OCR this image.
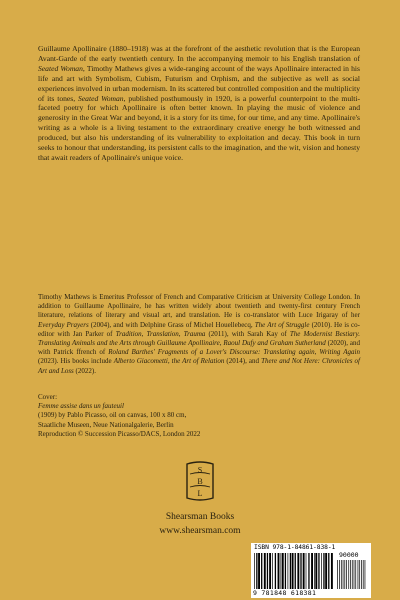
Guillaume Apollinaire (1880–1918) was at the forefront of the aesthetic revolution that is the European Avant-Garde of the early twentieth century. In the accompanying memoir to his English translation of Seated Woman, Timothy Mathews gives a wide-ranging account of the ways Apollinaire interacted in his life and art with Symbolism, Cubism, Futurism and Orphism, and the subjective as well as social experiences involved in urban modernism. In its scattered but controlled composition and the multiplicity of its tones, Seated Woman, published posthumously in 1920, is a powerful counterpoint to the multi-faceted poetry for which Apollinaire is often better known. In playing the music of violence and generosity in the Great War and beyond, it is a story for its time, for our time, and any time. Apollinaire's writing as a whole is a living testament to the extraordinary creative energy he both witnessed and produced, but also his understanding of its vulnerability to exploitation and decay. This book in turn seeks to honour that understanding, its persistent calls to the imagination, and the wit, vision and honesty that await readers of Apollinaire's unique voice.

Timothy Mathews is Emeritus Professor of French and Comparative Criticism at University College London. In addition to Guillaume Apollinaire, he has written widely about twentieth and twenty-first century French literature, relations of literary and visual art, and translation. He is co-translator with Luce Irigaray of her Everyday Prayers (2004), and with Delphine Grass of Michel Houellebecq, The Art of Struggle (2010). He is co-editor with Jan Parker of Tradition, Translation, Trauma (2011), with Sarah Kay of The Modernist Bestiary. Translating Animals and the Arts through Guillaume Apollinaire, Raoul Dufy and Graham Sutherland (2020), and with Patrick ffrench of Roland Barthes' Fragments of a Lover's Discourse: Translating again, Writing Again (2023). His books include Alberto Giacometti, the Art of Relation (2014), and There and Not Here: Chronicles of Art and Loss (2022).

Cover:
Femme assise dans un fauteuil
(1909) by Pablo Picasso, oil on canvas, 100 x 80 cm,
Staatliche Museen, Neue Nationalgalerie, Berlin
Reproduction © Succession Picasso/DACS, London 2022

S
B
L
Shearsman Books
www.shearsman.com
ISBN 978-1-84861-838-1
90000
9 781848 618381
